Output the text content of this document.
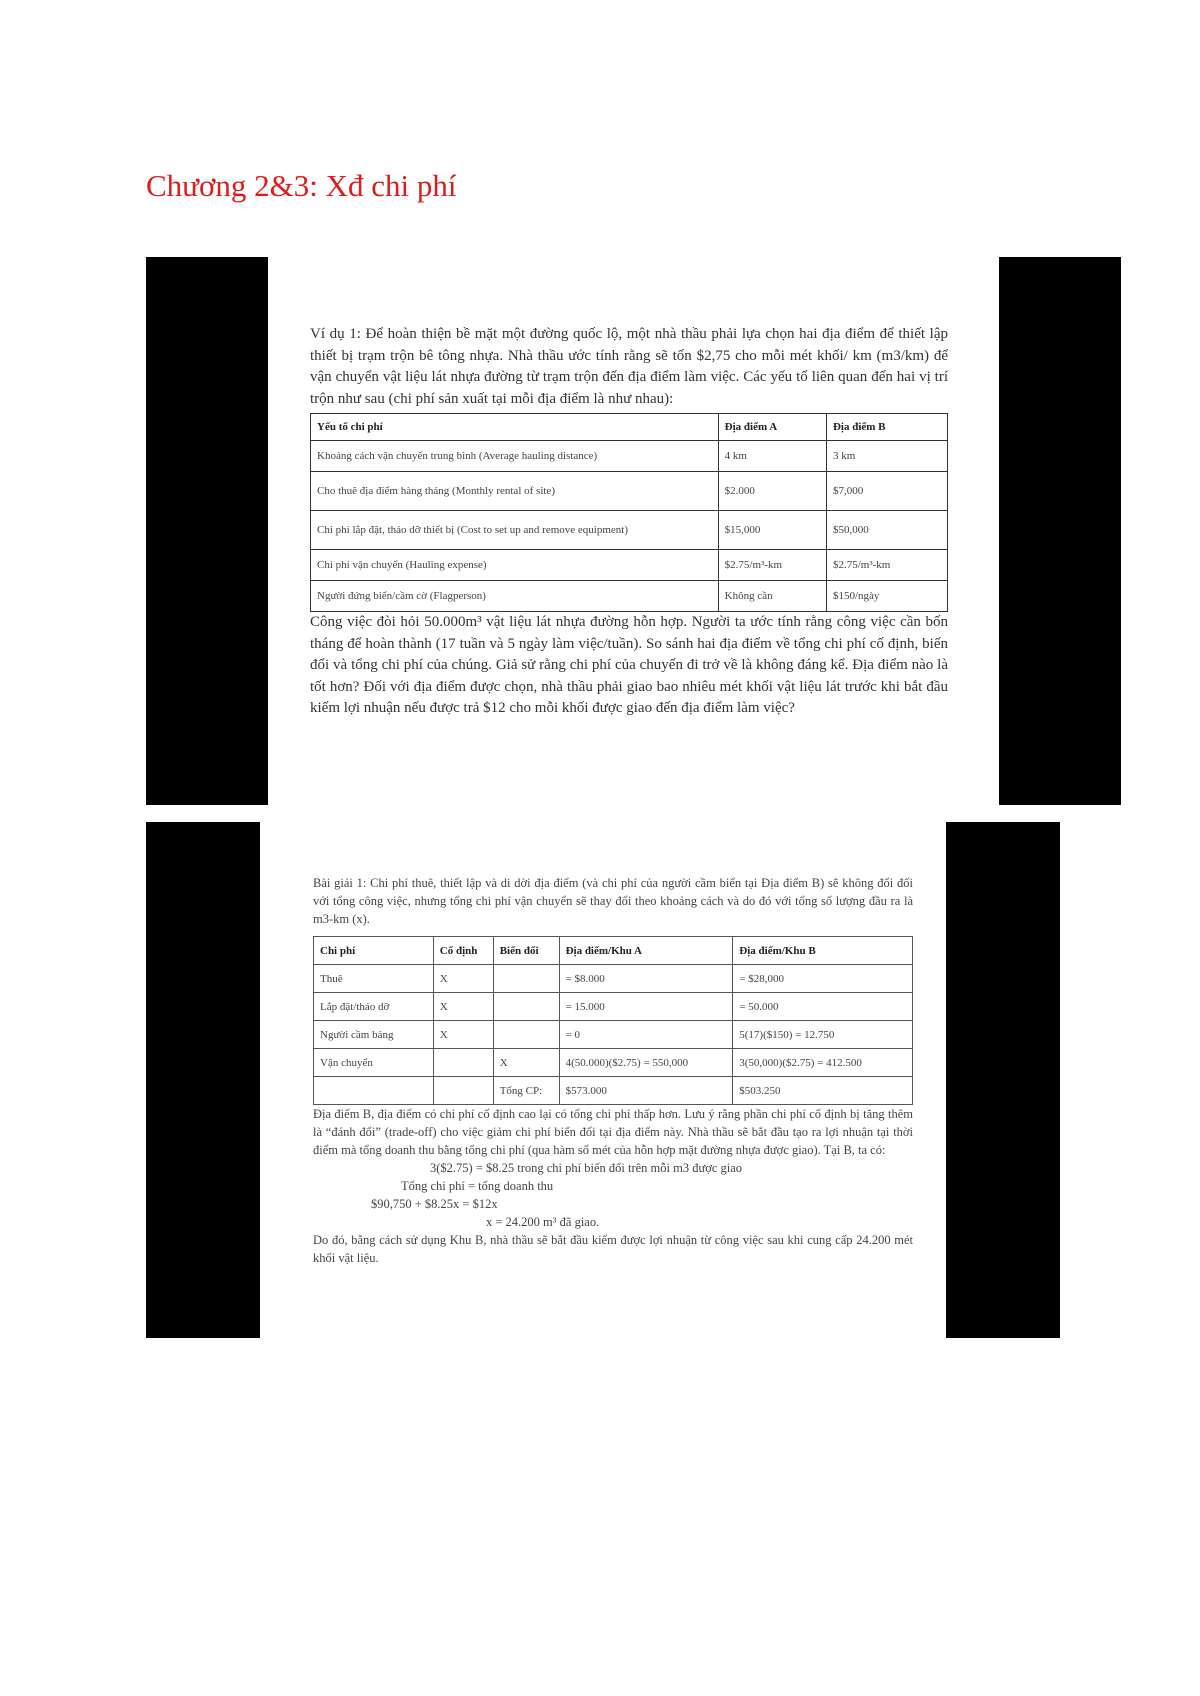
Chương 2&3: Xđ chi phí

Ví dụ 1: Để hoàn thiện bề mặt một đường quốc lộ, một nhà thầu phải lựa chọn hai địa điểm để thiết lập thiết bị trạm trộn bê tông nhựa. Nhà thầu ước tính rằng sẽ tốn $2,75 cho mỗi mét khối/ km (m3/km) để vận chuyển vật liệu lát nhựa đường từ trạm trộn đến địa điểm làm việc. Các yếu tố liên quan đến hai vị trí trộn như sau (chi phí sản xuất tại mỗi địa điểm là như nhau):

Yếu tố chi phí	Địa điểm A	Địa điểm B
Khoảng cách vận chuyển trung bình (Average hauling distance)	4 km	3 km
Cho thuê địa điểm hàng tháng (Monthly rental of site)	$2.000	$7,000
Chi phí lắp đặt, tháo dỡ thiết bị (Cost to set up and remove equipment)	$15,000	$50,000
Chi phí vận chuyển (Hauling expense)	$2.75/m³-km	$2.75/m³-km
Người đứng biển/cầm cờ (Flagperson)	Không cần	$150/ngày

Công việc đòi hỏi 50.000m³ vật liệu lát nhựa đường hỗn hợp. Người ta ước tính rằng công việc cần bốn tháng để hoàn thành (17 tuần và 5 ngày làm việc/tuần). So sánh hai địa điểm về tổng chi phí cố định, biến đổi và tổng chi phí của chúng. Giả sử rằng chi phí của chuyến đi trở về là không đáng kể. Địa điểm nào là tốt hơn? Đối với địa điểm được chọn, nhà thầu phải giao bao nhiêu mét khối vật liệu lát trước khi bắt đầu kiếm lợi nhuận nếu được trả $12 cho mỗi khối được giao đến địa điểm làm việc?

Bài giải 1: Chi phí thuê, thiết lập và di dời địa điểm (và chi phí của người cầm biển tại Địa điểm B) sẽ không đổi đối với tổng công việc, nhưng tổng chi phí vận chuyển sẽ thay đổi theo khoảng cách và do đó với tổng số lượng đầu ra là m3-km (x).

Chi phí	Cố định	Biến đổi	Địa điểm/Khu A	Địa điểm/Khu B
Thuê	X		= $8.000	= $28,000
Lắp đặt/tháo dỡ	X		= 15.000	= 50.000
Người cầm bảng	X		= 0	5(17)($150) = 12.750
Vận chuyển		X	4(50.000)($2.75) = 550,000	3(50,000)($2.75) = 412.500
		Tổng CP:	$573.000	$503.250

Địa điểm B, địa điểm có chi phí cố định cao lại có tổng chi phí thấp hơn. Lưu ý rằng phần chi phí cố định bị tăng thêm là “đánh đổi” (trade-off) cho việc giảm chi phí biến đổi tại địa điểm này. Nhà thầu sẽ bắt đầu tạo ra lợi nhuận tại thời điểm mà tổng doanh thu bằng tổng chi phí (qua hàm số mét của hỗn hợp mặt đường nhựa được giao). Tại B, ta có:

3($2.75) = $8.25 trong chi phí biến đổi trên mỗi m3 được giao

Tổng chi phí = tổng doanh thu

$90,750 + $8.25x = $12x

x = 24.200 m³ đã giao.

Do đó, bằng cách sử dụng Khu B, nhà thầu sẽ bắt đầu kiếm được lợi nhuận từ công việc sau khi cung cấp 24.200 mét khối vật liệu.
